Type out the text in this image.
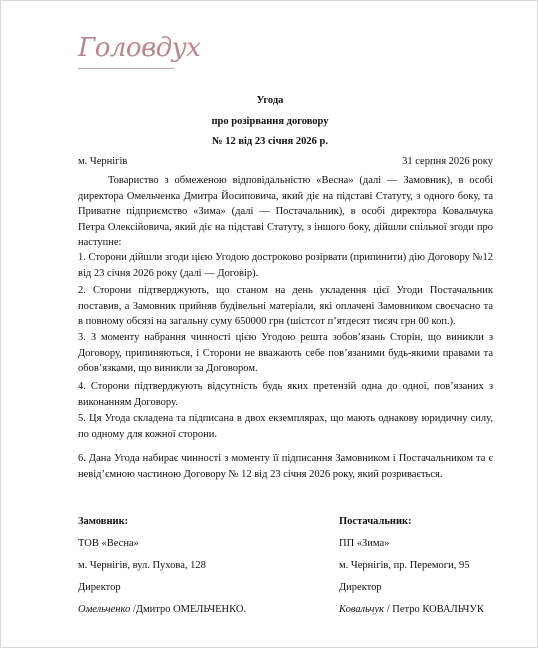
Головдух
Угода
про розірвання договору
№ 12 від 23 січня 2026 р.
м. Чернігів	31 серпня 2026 року
Товариство з обмеженою відповідальністю «Весна» (далі — Замовник), в особі директора Омельченка Дмитра Йосиповича, який діє на підставі Статуту, з одного боку, та Приватне підприємство «Зима» (далі — Постачальник), в особі директора Ковальчука Петра Олексійовича, який діє на підставі Статуту, з іншого боку, дійшли спільної згоди про наступне:
1. Сторони дійшли згоди цією Угодою достроково розірвати (припинити) дію Договору №12 від 23 січня 2026 року (далі — Договір).
2. Сторони підтверджують, що станом на день укладення цієї Угоди Постачальник поставив, а Замовник прийняв будівельні матеріали, які оплачені Замовником своєчасно та в повному обсязі на загальну суму 650000 грн (шістсот п’ятдесят тисяч грн 00 коп.).
3. З моменту набрання чинності цією Угодою решта зобов’язань Сторін, що виникли з Договору, припиняються, і Сторони не вважають себе пов’язаними будь-якими правами та обов’язками, що виникли за Договором.
4. Сторони підтверджують відсутність будь яких претензій одна до одної, пов’язаних з виконанням Договору.
5. Ця Угода складена та підписана в двох екземплярах, що мають однакову юридичну силу, по одному для кожної сторони.
6. Дана Угода набирає чинності з моменту її підписання Замовником і Постачальником та є невід’ємною частиною Договору № 12 від 23 січня 2026 року, який розривається.
Замовник:
ТОВ «Весна»
м. Чернігів, вул. Пухова, 128
Директор
Омельченко /Дмитро ОМЕЛЬЧЕНКО.
Постачальник:
ПП «Зима»
м. Чернігів, пр. Перемоги, 95
Директор
Ковальчук / Петро КОВАЛЬЧУК
